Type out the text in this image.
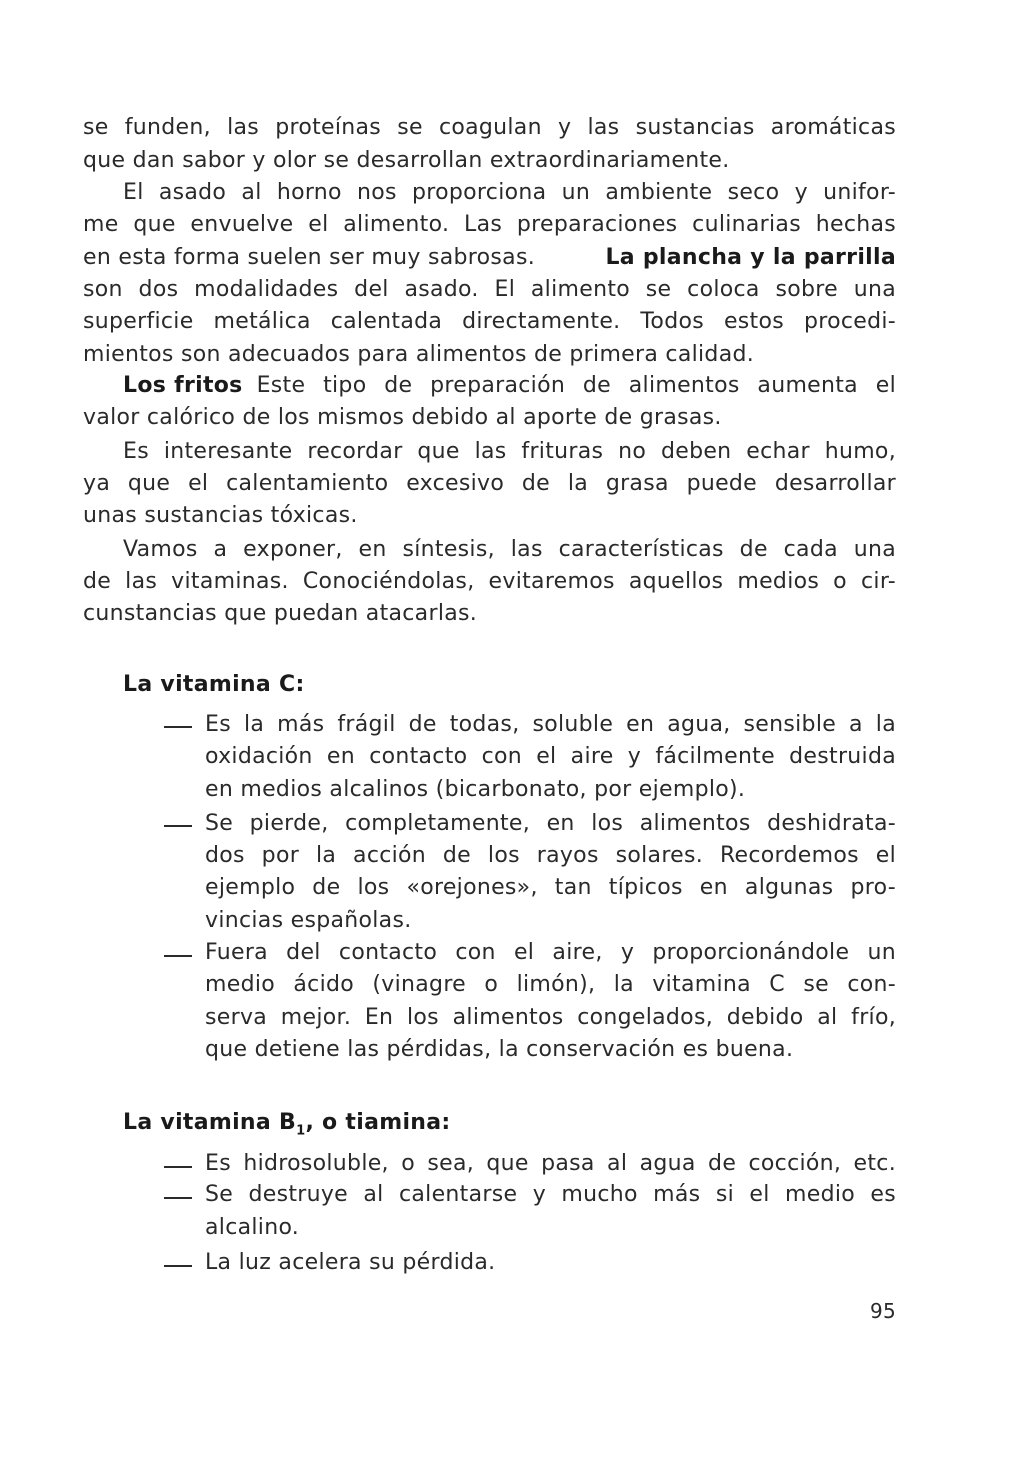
se funden, las proteínas se coagulan y las sustancias aromáticas
que dan sabor y olor se desarrollan extraordinariamente.
El asado al horno nos proporciona un ambiente seco y unifor-
me que envuelve el alimento. Las preparaciones culinarias hechas
en esta forma suelen ser muy sabrosas.	La plancha y la parrilla
son dos modalidades del asado. El alimento se coloca sobre una
superficie metálica calentada directamente. Todos estos procedi-
mientos son adecuados para alimentos de primera calidad.
Los fritos Este tipo de preparación de alimentos aumenta el
valor calórico de los mismos debido al aporte de grasas.
Es interesante recordar que las frituras no deben echar humo,
ya que el calentamiento excesivo de la grasa puede desarrollar
unas sustancias tóxicas.
Vamos a exponer, en síntesis, las características de cada una
de las vitaminas. Conociéndolas, evitaremos aquellos medios o cir-
cunstancias que puedan atacarlas.
La vitamina C:
Es la más frágil de todas, soluble en agua, sensible a la
oxidación en contacto con el aire y fácilmente destruida
en medios alcalinos (bicarbonato, por ejemplo).
Se pierde, completamente, en los alimentos deshidrata-
dos por la acción de los rayos solares. Recordemos el
ejemplo de los «orejones», tan típicos en algunas pro-
vincias españolas.
Fuera del contacto con el aire, y proporcionándole un
medio ácido (vinagre o limón), la vitamina C se con-
serva mejor. En los alimentos congelados, debido al frío,
que detiene las pérdidas, la conservación es buena.
La vitamina $B_1$, o tiamina:
Es hidrosoluble, o sea, que pasa al agua de cocción, etc.
Se destruye al calentarse y mucho más si el medio es
alcalino.
La luz acelera su pérdida.
95
